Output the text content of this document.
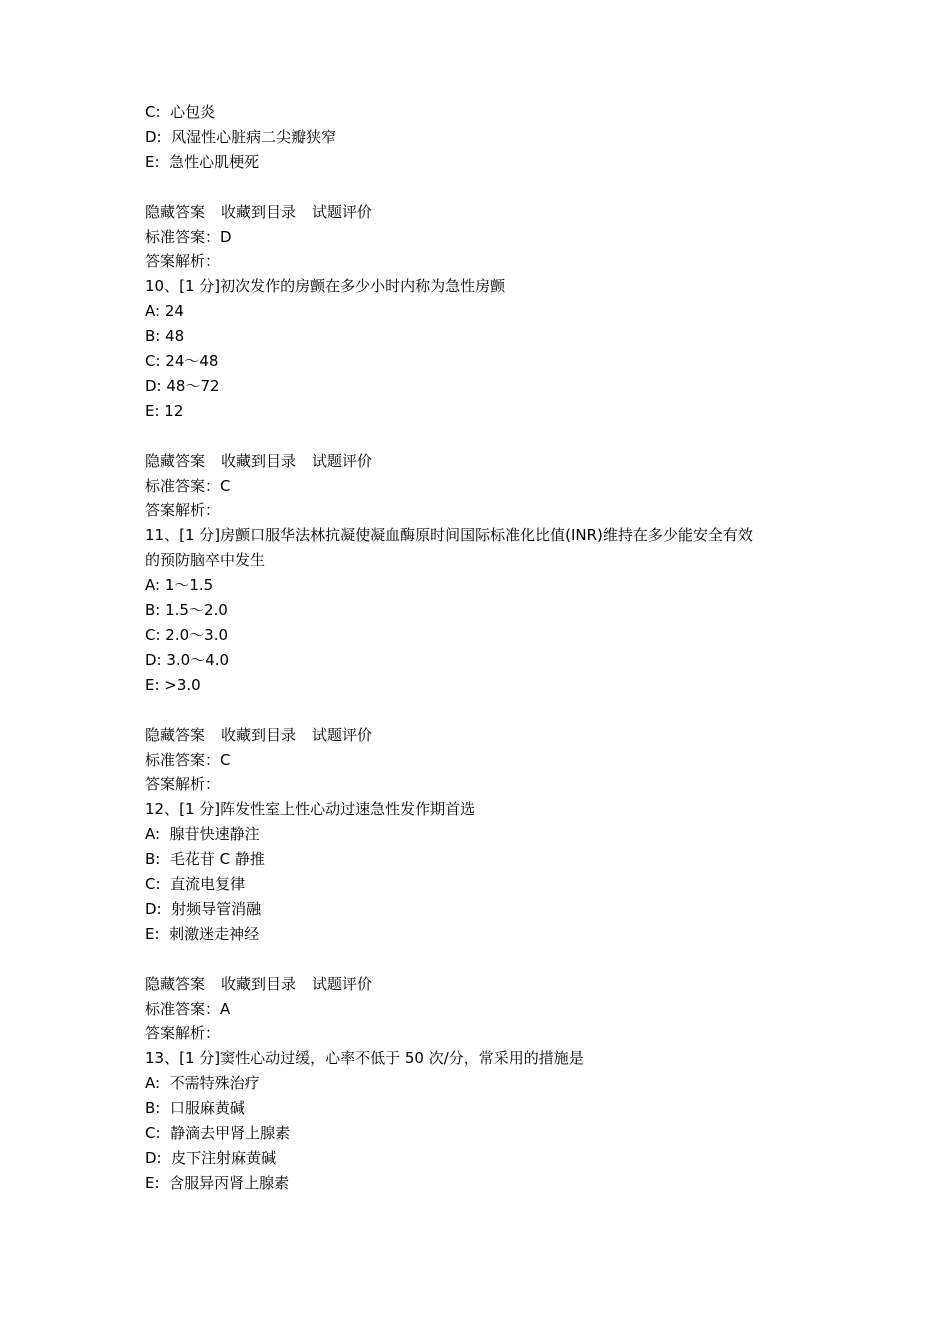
C:  心包炎

D:  风湿性心脏病二尖瓣狭窄

E:  急性心肌梗死

隐藏答案 收藏到目录 试题评价

标准答案：D

答案解析：

10、[1 分]初次发作的房颤在多少小时内称为急性房颤

A: 24

B: 48

C: 24～48

D: 48～72

E: 12

隐藏答案 收藏到目录 试题评价

标准答案：C

答案解析：

11、[1 分]房颤口服华法林抗凝使凝血酶原时间国际标准化比值(INR)维持在多少能安全有效

的预防脑卒中发生

A: 1～1.5

B: 1.5～2.0

C: 2.0～3.0

D: 3.0～4.0

E: >3.0

隐藏答案 收藏到目录 试题评价

标准答案：C

答案解析：

12、[1 分]阵发性室上性心动过速急性发作期首选

A:  腺苷快速静注

B:  毛花苷 C 静推

C:  直流电复律

D:  射频导管消融

E:  刺激迷走神经

隐藏答案 收藏到目录 试题评价

标准答案：A

答案解析：

13、[1 分]窦性心动过缓，心率不低于 50 次/分，常采用的措施是

A:  不需特殊治疗

B:  口服麻黄碱

C:  静滴去甲肾上腺素

D:  皮下注射麻黄碱

E:  含服异丙肾上腺素
